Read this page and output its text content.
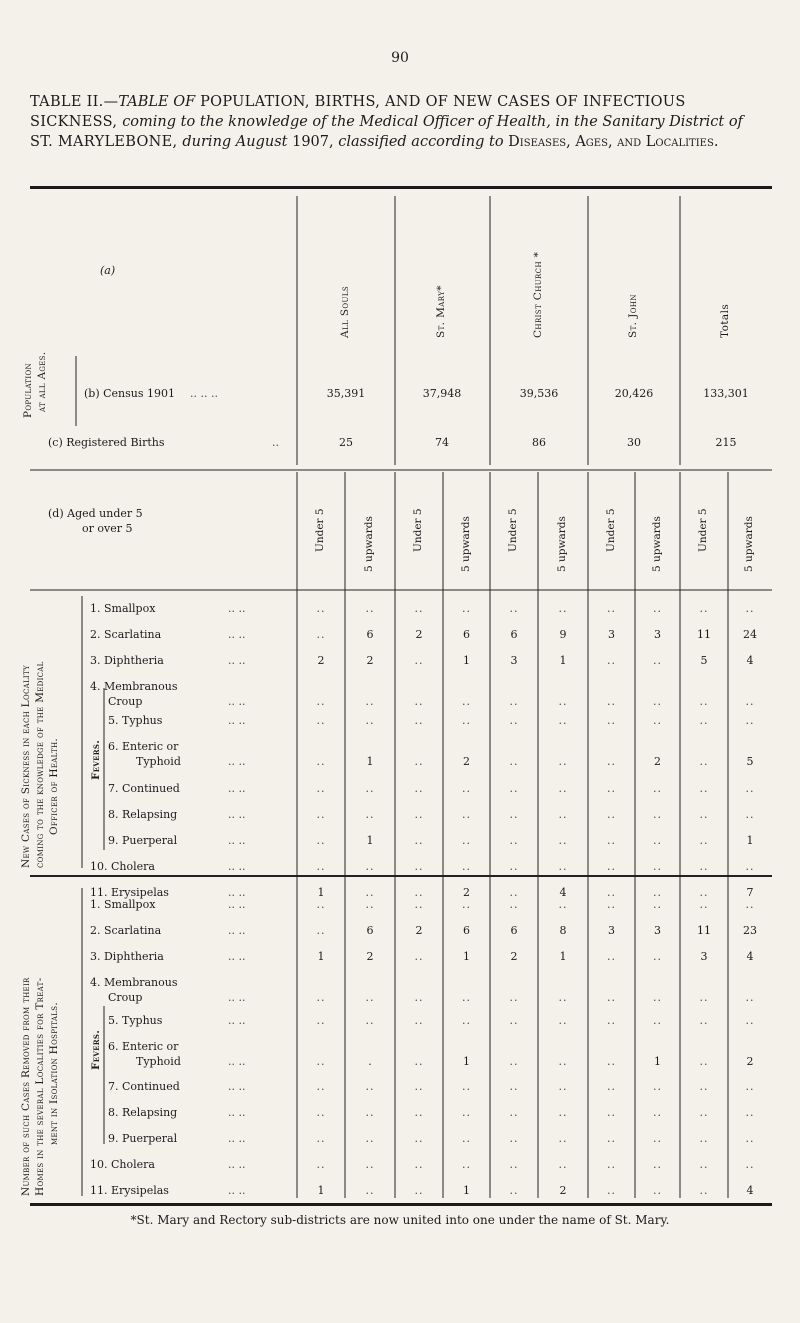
90
TABLE II.—TABLE OF POPULATION, BIRTHS, AND OF NEW CASES OF INFECTIOUS SICKNESS, coming to the knowledge of the Medical Officer of Health, in the Sanitary District of ST. MARYLEBONE, during August 1907, classified according to Diseases, Ages, and Localities.
(a)
All Souls	St. Mary*	Christ Church *	St. John	Totals
Population at all Ages.	(b) Census 1901 .. .. ..	35,391	37,948	39,536	20,426	133,301
(c) Registered Births	..	25	74	86	30	215
(d) Aged under 5
or over 5	Under 5	5 upwards	Under 5	5 upwards	Under 5	5 upwards	Under 5	5 upwards	Under 5	5 upwards
1. Smallpox	.. ..	..	..	..	..	..	..	..	..	..	..
2. Scarlatina	.. ..	..	6	2	6	6	9	3	3	11	24
3. Diphtheria	.. ..	2	2	..	1	3	1	..	..	5	4
4. Membranous
Croup	.. ..	..	..	..	..	..	..	..	..	..	..
5. Typhus	.. ..	..	..	..	..	..	..	..	..	..	..
6. Enteric or
Typhoid	.. ..	..	1	..	2	..	..	..	2	..	5
7. Continued	.. ..	..	..	..	..	..	..	..	..	..	..
8. Relapsing	.. ..	..	..	..	..	..	..	..	..	..	..
9. Puerperal	.. ..	..	1	..	..	..	..	..	..	..	1
10. Cholera	.. ..	..	..	..	..	..	..	..	..	..	..
11. Erysipelas	.. ..	1	..	..	2	..	4	..	..	..	7
1. Smallpox	.. ..	..	..	..	..	..	..	..	..	..	..
2. Scarlatina	.. ..	..	6	2	6	6	8	3	3	11	23
3. Diphtheria	.. ..	1	2	..	1	2	1	..	..	3	4
4. Membranous
Croup	.. ..	..	..	..	..	..	..	..	..	..	..
5. Typhus	.. ..	..	..	..	..	..	..	..	..	..	..
6. Enteric or
Typhoid	.. ..	..	.	..	1	..	..	..	1	..	2
7. Continued	.. ..	..	..	..	..	..	..	..	..	..	..
8. Relapsing	.. ..	..	..	..	..	..	..	..	..	..	..
9. Puerperal	.. ..	..	..	..	..	..	..	..	..	..	..
10. Cholera	.. ..	..	..	..	..	..	..	..	..	..	..
11. Erysipelas	.. ..	1	..	..	1	..	2	..	..	..	4
New Cases of Sickness in each Locality coming to the knowledge of the Medical Officer of Health.	Fevers.
Number of such Cases Removed from their Homes in the several Localities for Treat- ment in Isolation Hospitals.	Fevers.
*St. Mary and Rectory sub-districts are now united into one under the name of St. Mary.
